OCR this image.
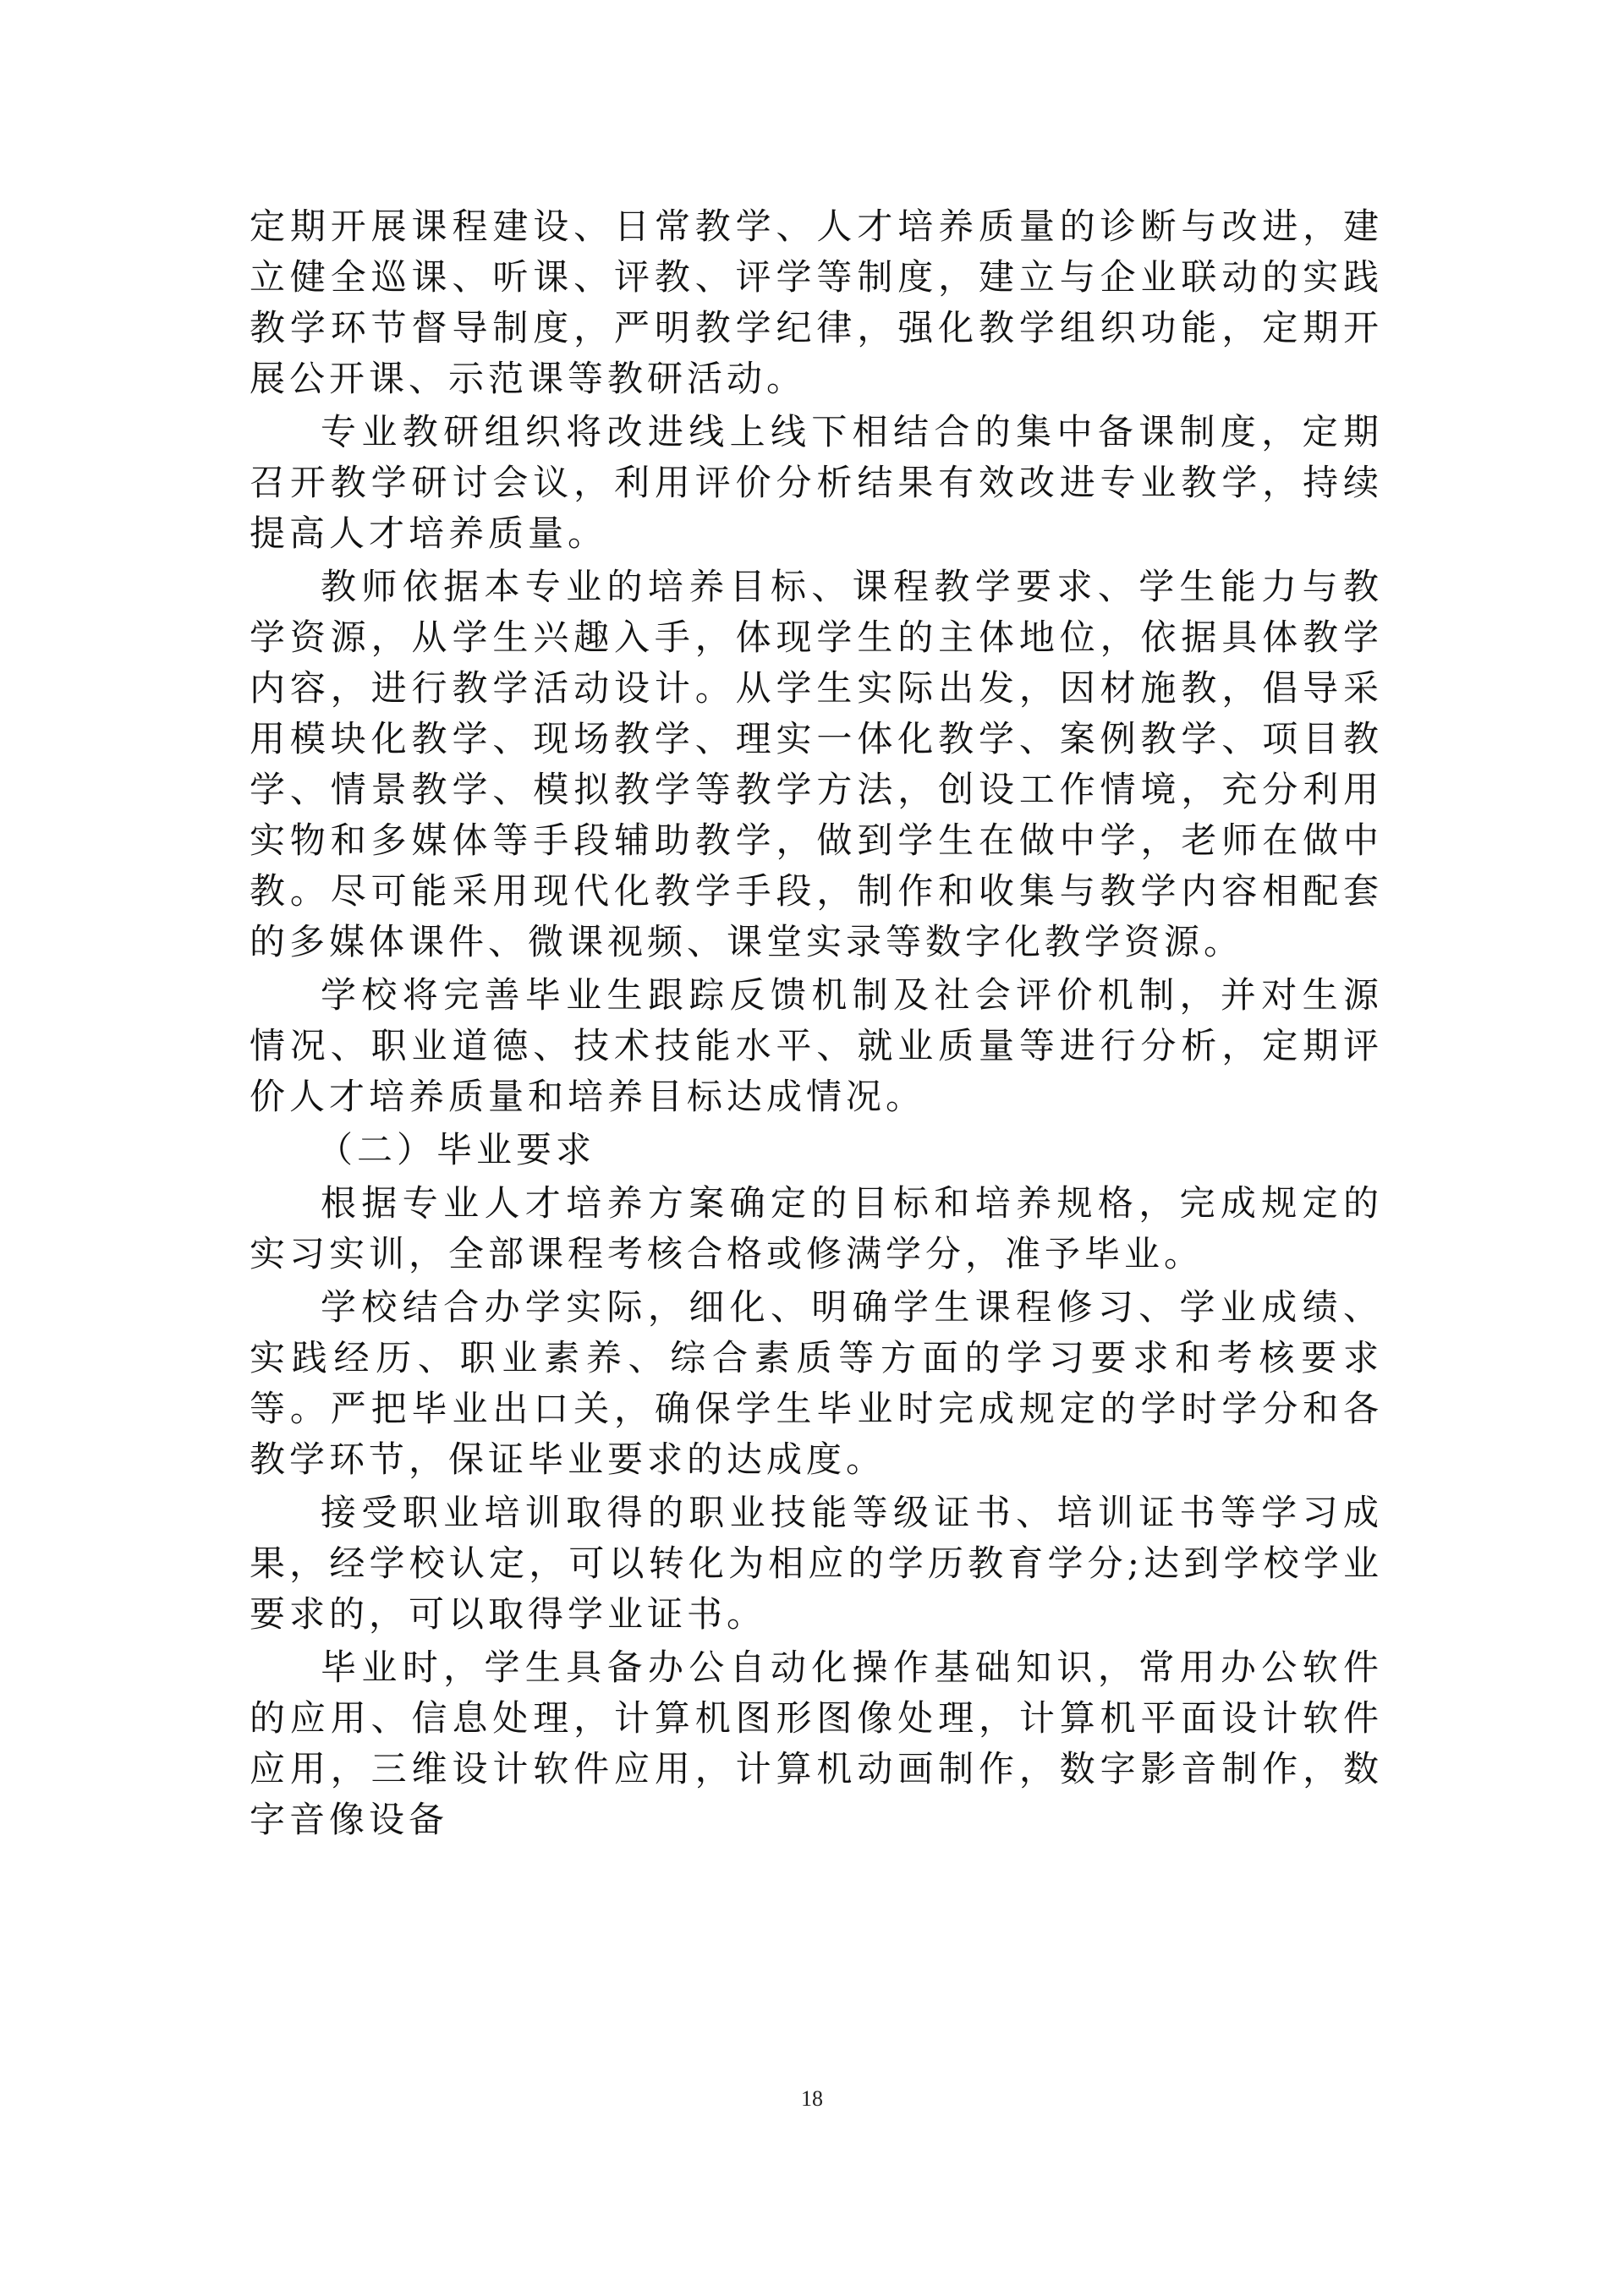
定期开展课程建设、日常教学、人才培养质量的诊断与改进，建立健全巡课、听课、评教、评学等制度，建立与企业联动的实践教学环节督导制度，严明教学纪律，强化教学组织功能，定期开展公开课、示范课等教研活动。

专业教研组织将改进线上线下相结合的集中备课制度，定期召开教学研讨会议，利用评价分析结果有效改进专业教学，持续提高人才培养质量。

教师依据本专业的培养目标、课程教学要求、学生能力与教学资源，从学生兴趣入手，体现学生的主体地位，依据具体教学内容，进行教学活动设计。从学生实际出发，因材施教，倡导采用模块化教学、现场教学、理实一体化教学、案例教学、项目教学、情景教学、模拟教学等教学方法，创设工作情境，充分利用实物和多媒体等手段辅助教学，做到学生在做中学，老师在做中教。尽可能采用现代化教学手段，制作和收集与教学内容相配套的多媒体课件、微课视频、课堂实录等数字化教学资源。

学校将完善毕业生跟踪反馈机制及社会评价机制，并对生源情况、职业道德、技术技能水平、就业质量等进行分析，定期评价人才培养质量和培养目标达成情况。

（二）毕业要求

根据专业人才培养方案确定的目标和培养规格，完成规定的实习实训，全部课程考核合格或修满学分，准予毕业。

学校结合办学实际，细化、明确学生课程修习、学业成绩、实践经历、职业素养、综合素质等方面的学习要求和考核要求等。严把毕业出口关，确保学生毕业时完成规定的学时学分和各教学环节，保证毕业要求的达成度。

接受职业培训取得的职业技能等级证书、培训证书等学习成果，经学校认定，可以转化为相应的学历教育学分;达到学校学业要求的，可以取得学业证书。

毕业时，学生具备办公自动化操作基础知识，常用办公软件的应用、信息处理，计算机图形图像处理，计算机平面设计软件应用，三维设计软件应用，计算机动画制作，数字影音制作，数字音像设备

18
